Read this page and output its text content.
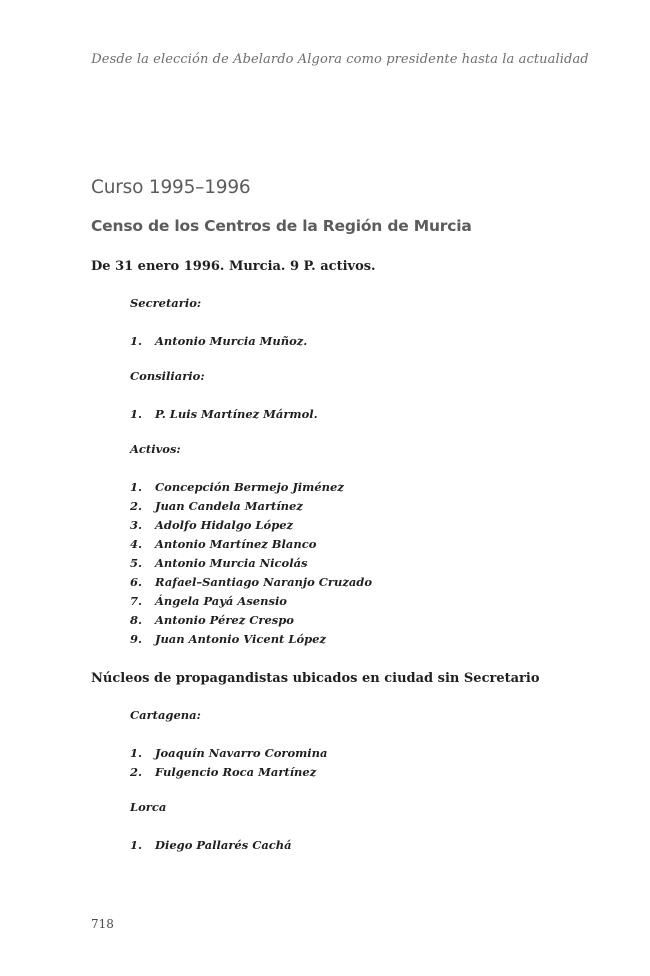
Desde la elección de Abelardo Algora como presidente hasta la actualidad
Curso 1995–1996
Censo de los Centros de la Región de Murcia
De 31 enero 1996. Murcia. 9 P. activos.
Secretario:
1.	Antonio Murcia Muñoz.
Consiliario:
1.	P. Luis Martínez Mármol.
Activos:
1.	Concepción Bermejo Jiménez
2.	Juan Candela Martínez
3.	Adolfo Hidalgo López
4.	Antonio Martínez Blanco
5.	Antonio Murcia Nicolás
6.	Rafael–Santiago Naranjo Cruzado
7.	Ángela Payá Asensio
8.	Antonio Pérez Crespo
9.	Juan Antonio Vicent López
Núcleos de propagandistas ubicados en ciudad sin Secretario
Cartagena:
1.	Joaquín Navarro Coromina
2.	Fulgencio Roca Martínez
Lorca
1.	Diego Pallarés Cachá
718
